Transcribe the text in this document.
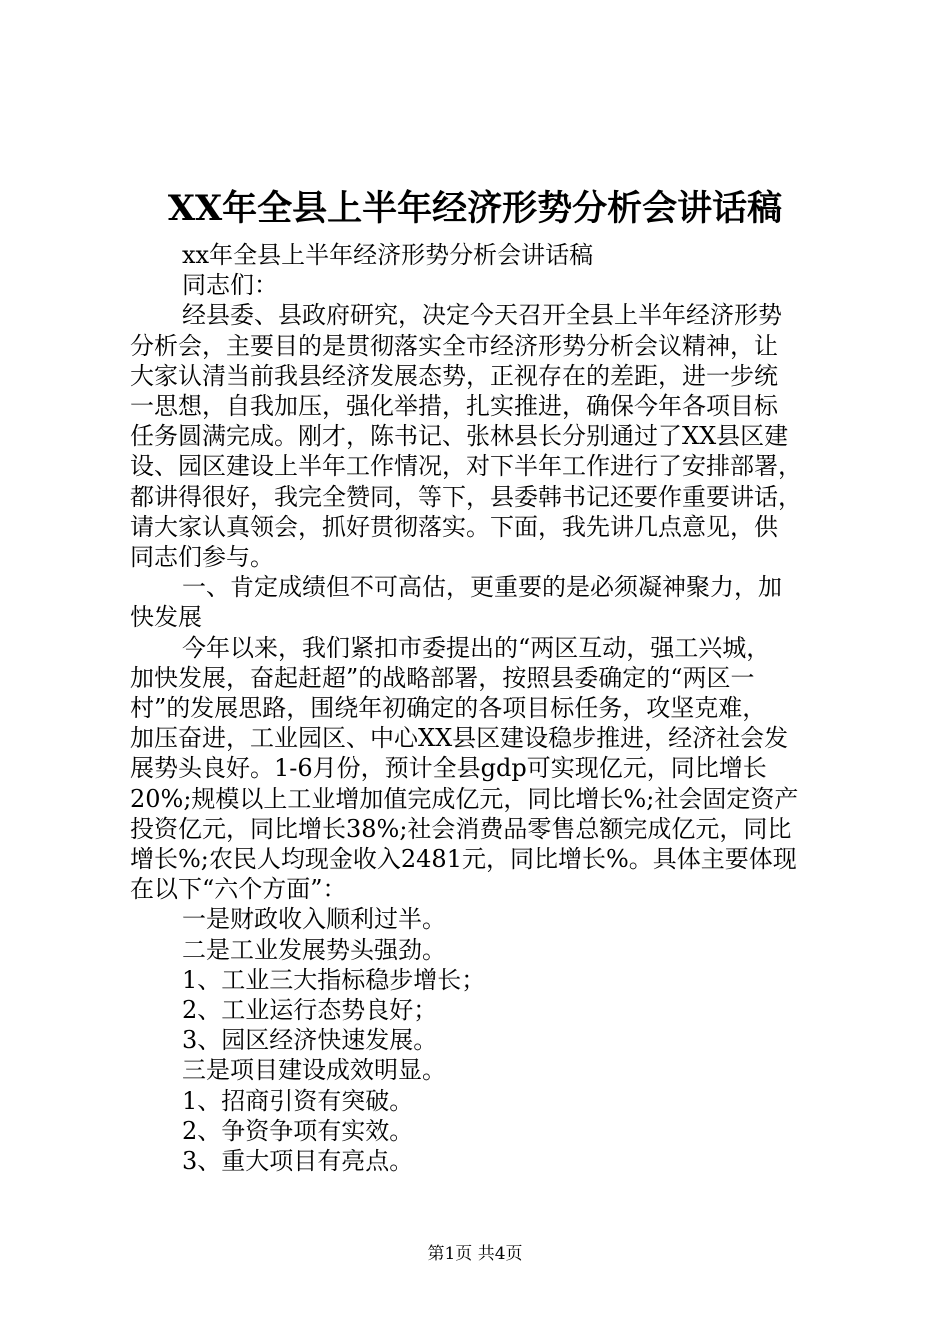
XX年全县上半年经济形势分析会讲话稿
xx年全县上半年经济形势分析会讲话稿
同志们：
经县委、县政府研究，决定今天召开全县上半年经济形势
分析会，主要目的是贯彻落实全市经济形势分析会议精神，让
大家认清当前我县经济发展态势，正视存在的差距，进一步统
一思想，自我加压，强化举措，扎实推进，确保今年各项目标
任务圆满完成。刚才，陈书记、张林县长分别通过了XX县区建
设、园区建设上半年工作情况，对下半年工作进行了安排部署，
都讲得很好，我完全赞同，等下，县委韩书记还要作重要讲话，
请大家认真领会，抓好贯彻落实。下面，我先讲几点意见，供
同志们参与。
一、肯定成绩但不可高估，更重要的是必须凝神聚力，加
快发展
今年以来，我们紧扣市委提出的“两区互动，强工兴城，
加快发展，奋起赶超”的战略部署，按照县委确定的“两区一
村”的发展思路，围绕年初确定的各项目标任务，攻坚克难，
加压奋进，工业园区、中心XX县区建设稳步推进，经济社会发
展势头良好。1-6月份，预计全县gdp可实现亿元，同比增长
20%;规模以上工业增加值完成亿元，同比增长%;社会固定资产
投资亿元，同比增长38%;社会消费品零售总额完成亿元，同比
增长%;农民人均现金收入2481元，同比增长%。具体主要体现
在以下“六个方面”：
一是财政收入顺利过半。
二是工业发展势头强劲。
1、工业三大指标稳步增长；
2、工业运行态势良好；
3、园区经济快速发展。
三是项目建设成效明显。
1、招商引资有突破。
2、争资争项有实效。
3、重大项目有亮点。
第1页 共4页
